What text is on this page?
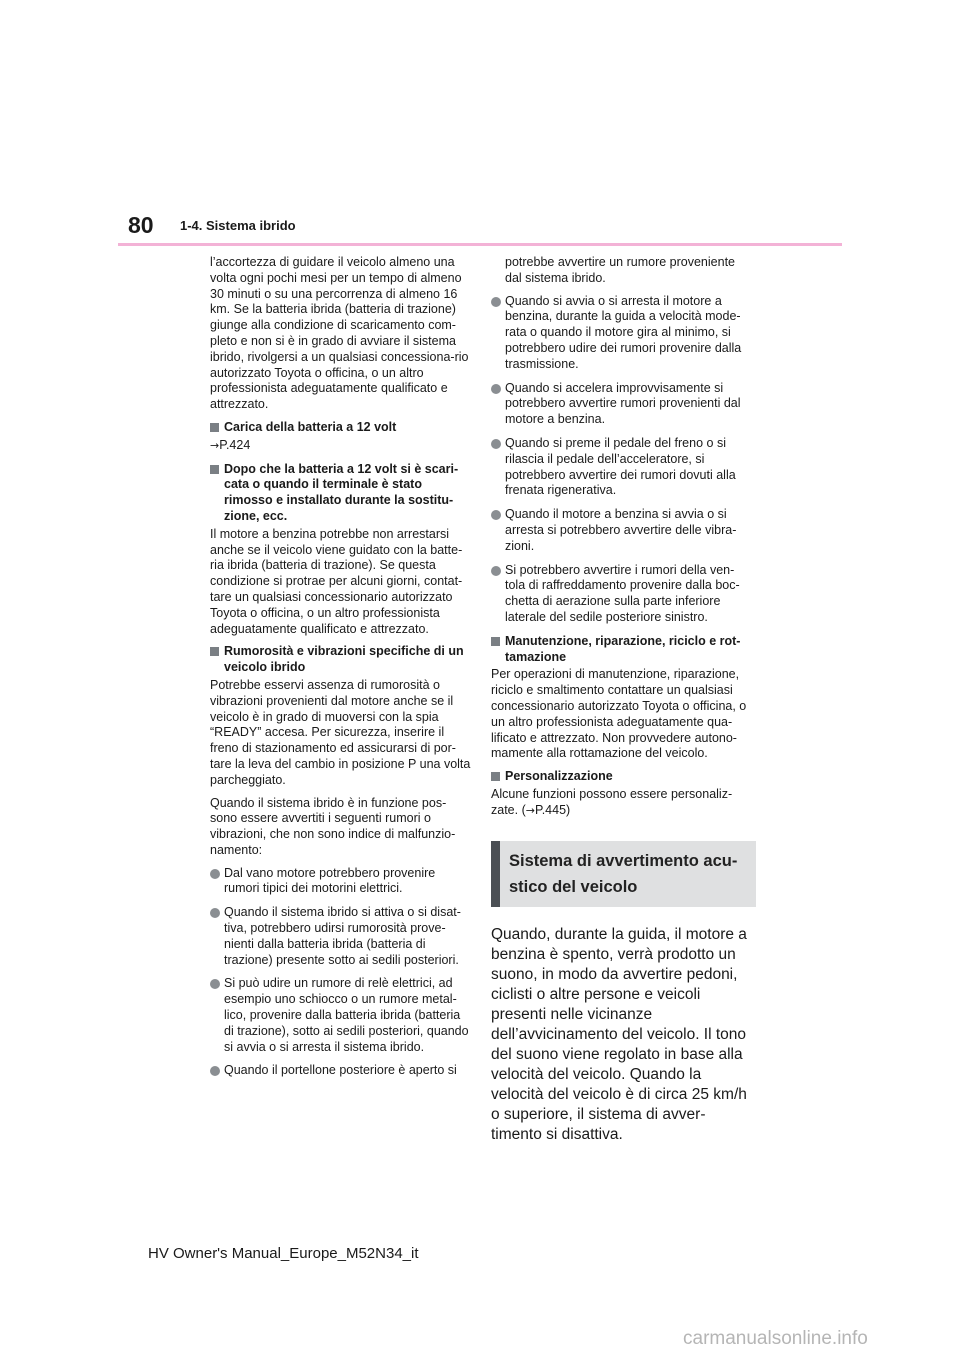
80 1-4. Sistema ibrido

l’accortezza di guidare il veicolo almeno una volta ogni pochi mesi per un tempo di almeno 30 minuti o su una percorrenza di almeno 16 km. Se la batteria ibrida (batteria di trazione) giunge alla condizione di scaricamento com-pleto e non si è in grado di avviare il sistema ibrido, rivolgersi a un qualsiasi concessiona-rio autorizzato Toyota o officina, o un altro professionista adeguatamente qualificato e attrezzato.

Carica della batteria a 12 volt
→P.424
Dopo che la batteria a 12 volt si è scari-cata o quando il terminale è stato rimosso e installato durante la sostitu-zione, ecc.

Il motore a benzina potrebbe non arrestarsi anche se il veicolo viene guidato con la batte-ria ibrida (batteria di trazione). Se questa condizione si protrae per alcuni giorni, contat-tare un qualsiasi concessionario autorizzato Toyota o officina, o un altro professionista adeguatamente qualificato e attrezzato.

Rumorosità e vibrazioni specifiche di un veicolo ibrido

Potrebbe esservi assenza di rumorosità o vibrazioni provenienti dal motore anche se il veicolo è in grado di muoversi con la spia “READY” accesa. Per sicurezza, inserire il freno di stazionamento ed assicurarsi di por-tare la leva del cambio in posizione P una volta parcheggiato.

Quando il sistema ibrido è in funzione pos-sono essere avvertiti i seguenti rumori o vibrazioni, che non sono indice di malfunzio-namento:

Dal vano motore potrebbero provenire rumori tipici dei motorini elettrici.
Quando il sistema ibrido si attiva o si disat-tiva, potrebbero udirsi rumorosità prove-nienti dalla batteria ibrida (batteria di trazione) presente sotto ai sedili posteriori.
Si può udire un rumore di relè elettrici, ad esempio uno schiocco o un rumore metal-lico, provenire dalla batteria ibrida (batteria di trazione), sotto ai sedili posteriori, quando si avvia o si arresta il sistema ibrido.
Quando il portellone posteriore è aperto si

potrebbe avvertire un rumore proveniente dal sistema ibrido.

Quando si avvia o si arresta il motore a benzina, durante la guida a velocità mode-rata o quando il motore gira al minimo, si potrebbero udire dei rumori provenire dalla trasmissione.
Quando si accelera improvvisamente si potrebbero avvertire rumori provenienti dal motore a benzina.
Quando si preme il pedale del freno o si rilascia il pedale dell’acceleratore, si potrebbero avvertire dei rumori dovuti alla frenata rigenerativa.
Quando il motore a benzina si avvia o si arresta si potrebbero avvertire delle vibra-zioni.
Si potrebbero avvertire i rumori della ven-tola di raffreddamento provenire dalla boc-chetta di aerazione sulla parte inferiore laterale del sedile posteriore sinistro.
Manutenzione, riparazione, riciclo e rot-tamazione

Per operazioni di manutenzione, riparazione, riciclo e smaltimento contattare un qualsiasi concessionario autorizzato Toyota o officina, o un altro professionista adeguatamente qua-lificato e attrezzato. Non provvedere autono-mamente alla rottamazione del veicolo.

Personalizzazione

Alcune funzioni possono essere personaliz-zate. (→P.445)

Sistema di avvertimento acu-stico del veicolo

Quando, durante la guida, il motore a benzina è spento, verrà prodotto un suono, in modo da avvertire pedoni, ciclisti o altre persone e veicoli presenti nelle vicinanze dell’avvicinamento del veicolo. Il tono del suono viene regolato in base alla velocità del veicolo. Quando la velocità del veicolo è di circa 25 km/h o superiore, il sistema di avver-timento si disattiva.

HV Owner's Manual_Europe_M52N34_it
carmanualsonline.info
